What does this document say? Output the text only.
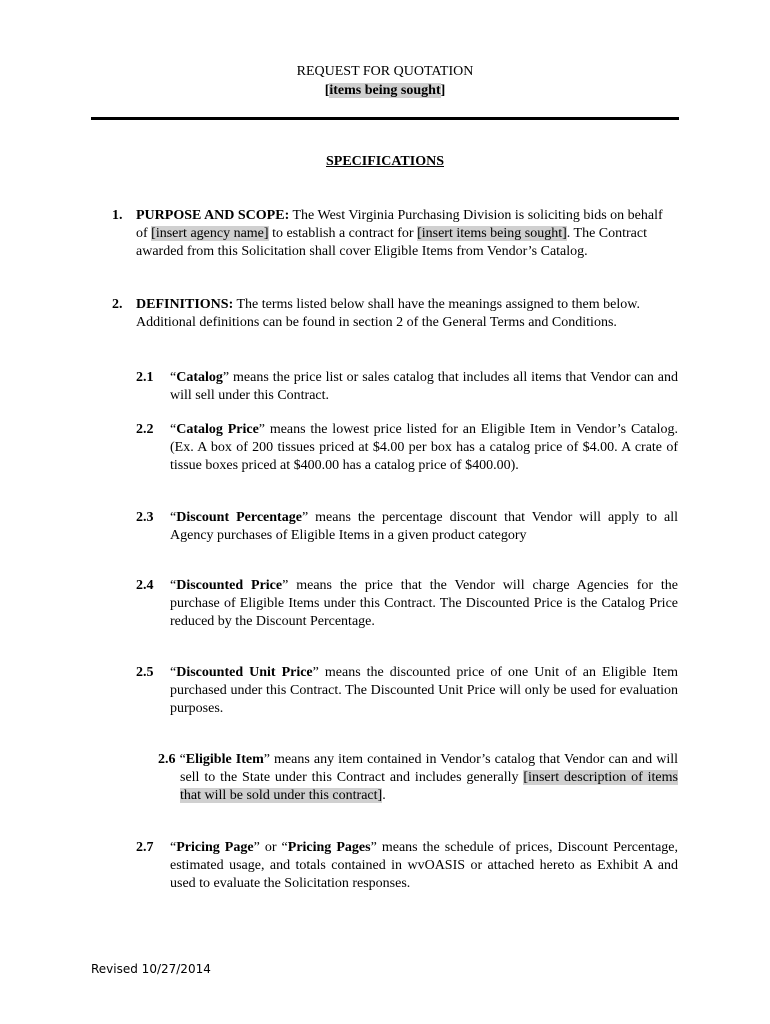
REQUEST FOR QUOTATION
[items being sought]
SPECIFICATIONS
1. PURPOSE AND SCOPE: The West Virginia Purchasing Division is soliciting bids on behalf of [insert agency name] to establish a contract for [insert items being sought]. The Contract awarded from this Solicitation shall cover Eligible Items from Vendor’s Catalog.
2. DEFINITIONS: The terms listed below shall have the meanings assigned to them below. Additional definitions can be found in section 2 of the General Terms and Conditions.
2.1 “Catalog” means the price list or sales catalog that includes all items that Vendor can and will sell under this Contract.
2.2 “Catalog Price” means the lowest price listed for an Eligible Item in Vendor’s Catalog. (Ex. A box of 200 tissues priced at $4.00 per box has a catalog price of $4.00. A crate of tissue boxes priced at $400.00 has a catalog price of $400.00).
2.3 “Discount Percentage” means the percentage discount that Vendor will apply to all Agency purchases of Eligible Items in a given product category
2.4 “Discounted Price” means the price that the Vendor will charge Agencies for the purchase of Eligible Items under this Contract. The Discounted Price is the Catalog Price reduced by the Discount Percentage.
2.5 “Discounted Unit Price” means the discounted price of one Unit of an Eligible Item purchased under this Contract. The Discounted Unit Price will only be used for evaluation purposes.
2.6 “Eligible Item” means any item contained in Vendor’s catalog that Vendor can and will sell to the State under this Contract and includes generally [insert description of items that will be sold under this contract].
2.7 “Pricing Page” or “Pricing Pages” means the schedule of prices, Discount Percentage, estimated usage, and totals contained in wvOASIS or attached hereto as Exhibit A and used to evaluate the Solicitation responses.
Revised 10/27/2014
